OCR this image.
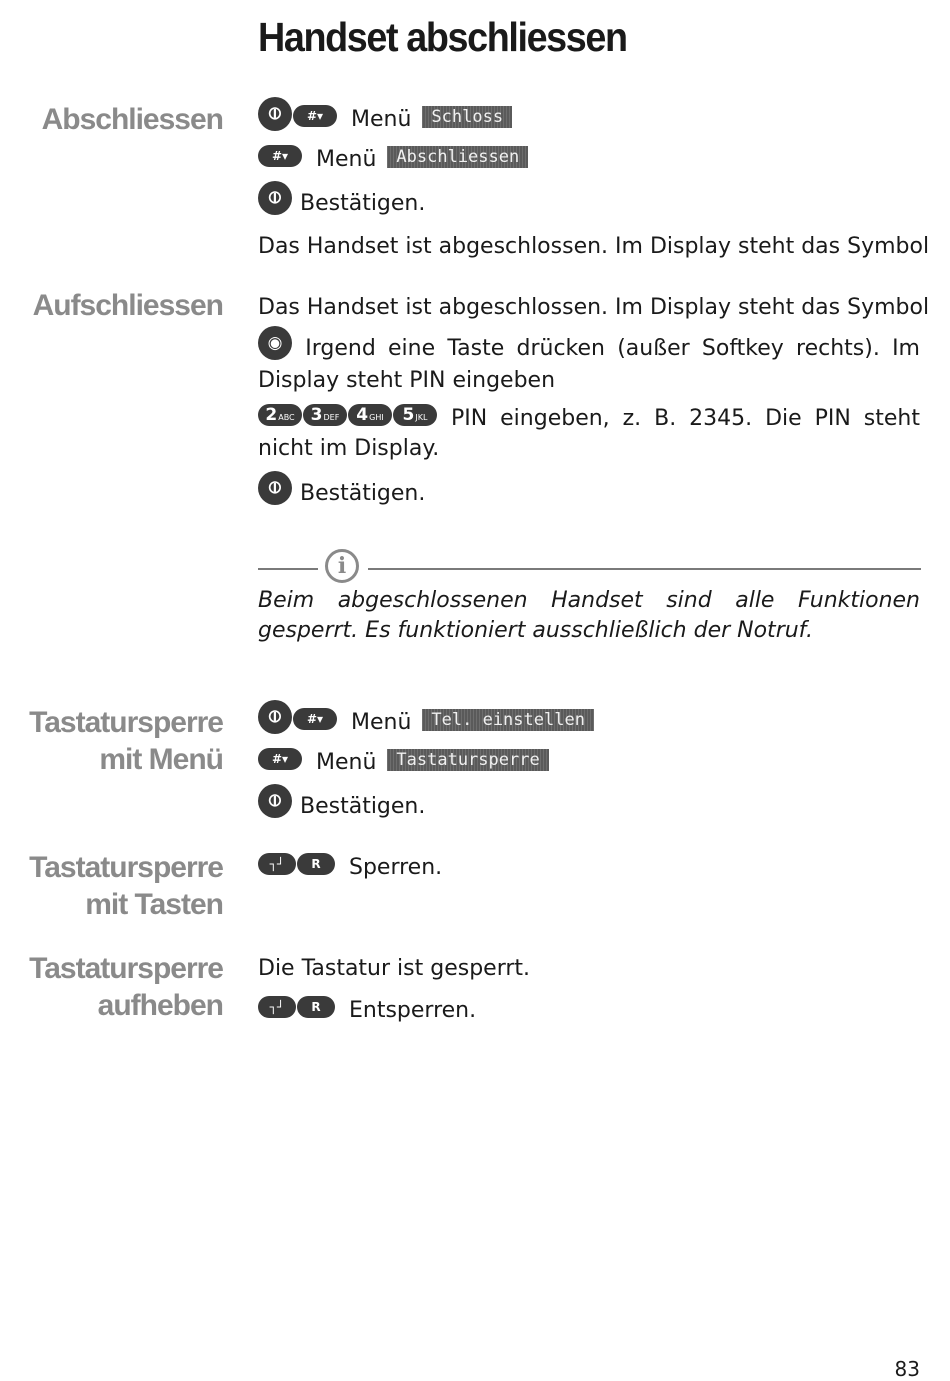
Handset abschliessen
Abschliessen	⦶ #▾ Menü Schloss
#▾ Menü Abschliessen
⦶ Bestätigen.
Das Handset ist abgeschlossen. Im Display steht das Symbol
Aufschliessen Das Handset ist abgeschlossen. Im Display steht das Symbol
◉ Irgend eine Taste drücken (außer Softkey rechts). Im Display steht PIN eingeben
2ABC 3DEF 4GHI 5JKL PIN eingeben, z. B. 2345. Die PIN steht nicht im Display.
⦶ Bestätigen.
i
Beim abgeschlossenen Handset sind alle Funktionen gesperrt. Es funktioniert ausschließlich der Notruf.
Tastatursperre
mit Menü
⦶ #▾ Menü Tel. einstellen
#▾ Menü Tastatursperre
⦶ Bestätigen.
Tastatursperre
mit Tasten
┐┘ R Sperren.
Tastatursperre
aufheben
Die Tastatur ist gesperrt.
┐┘ R Entsperren.
83
